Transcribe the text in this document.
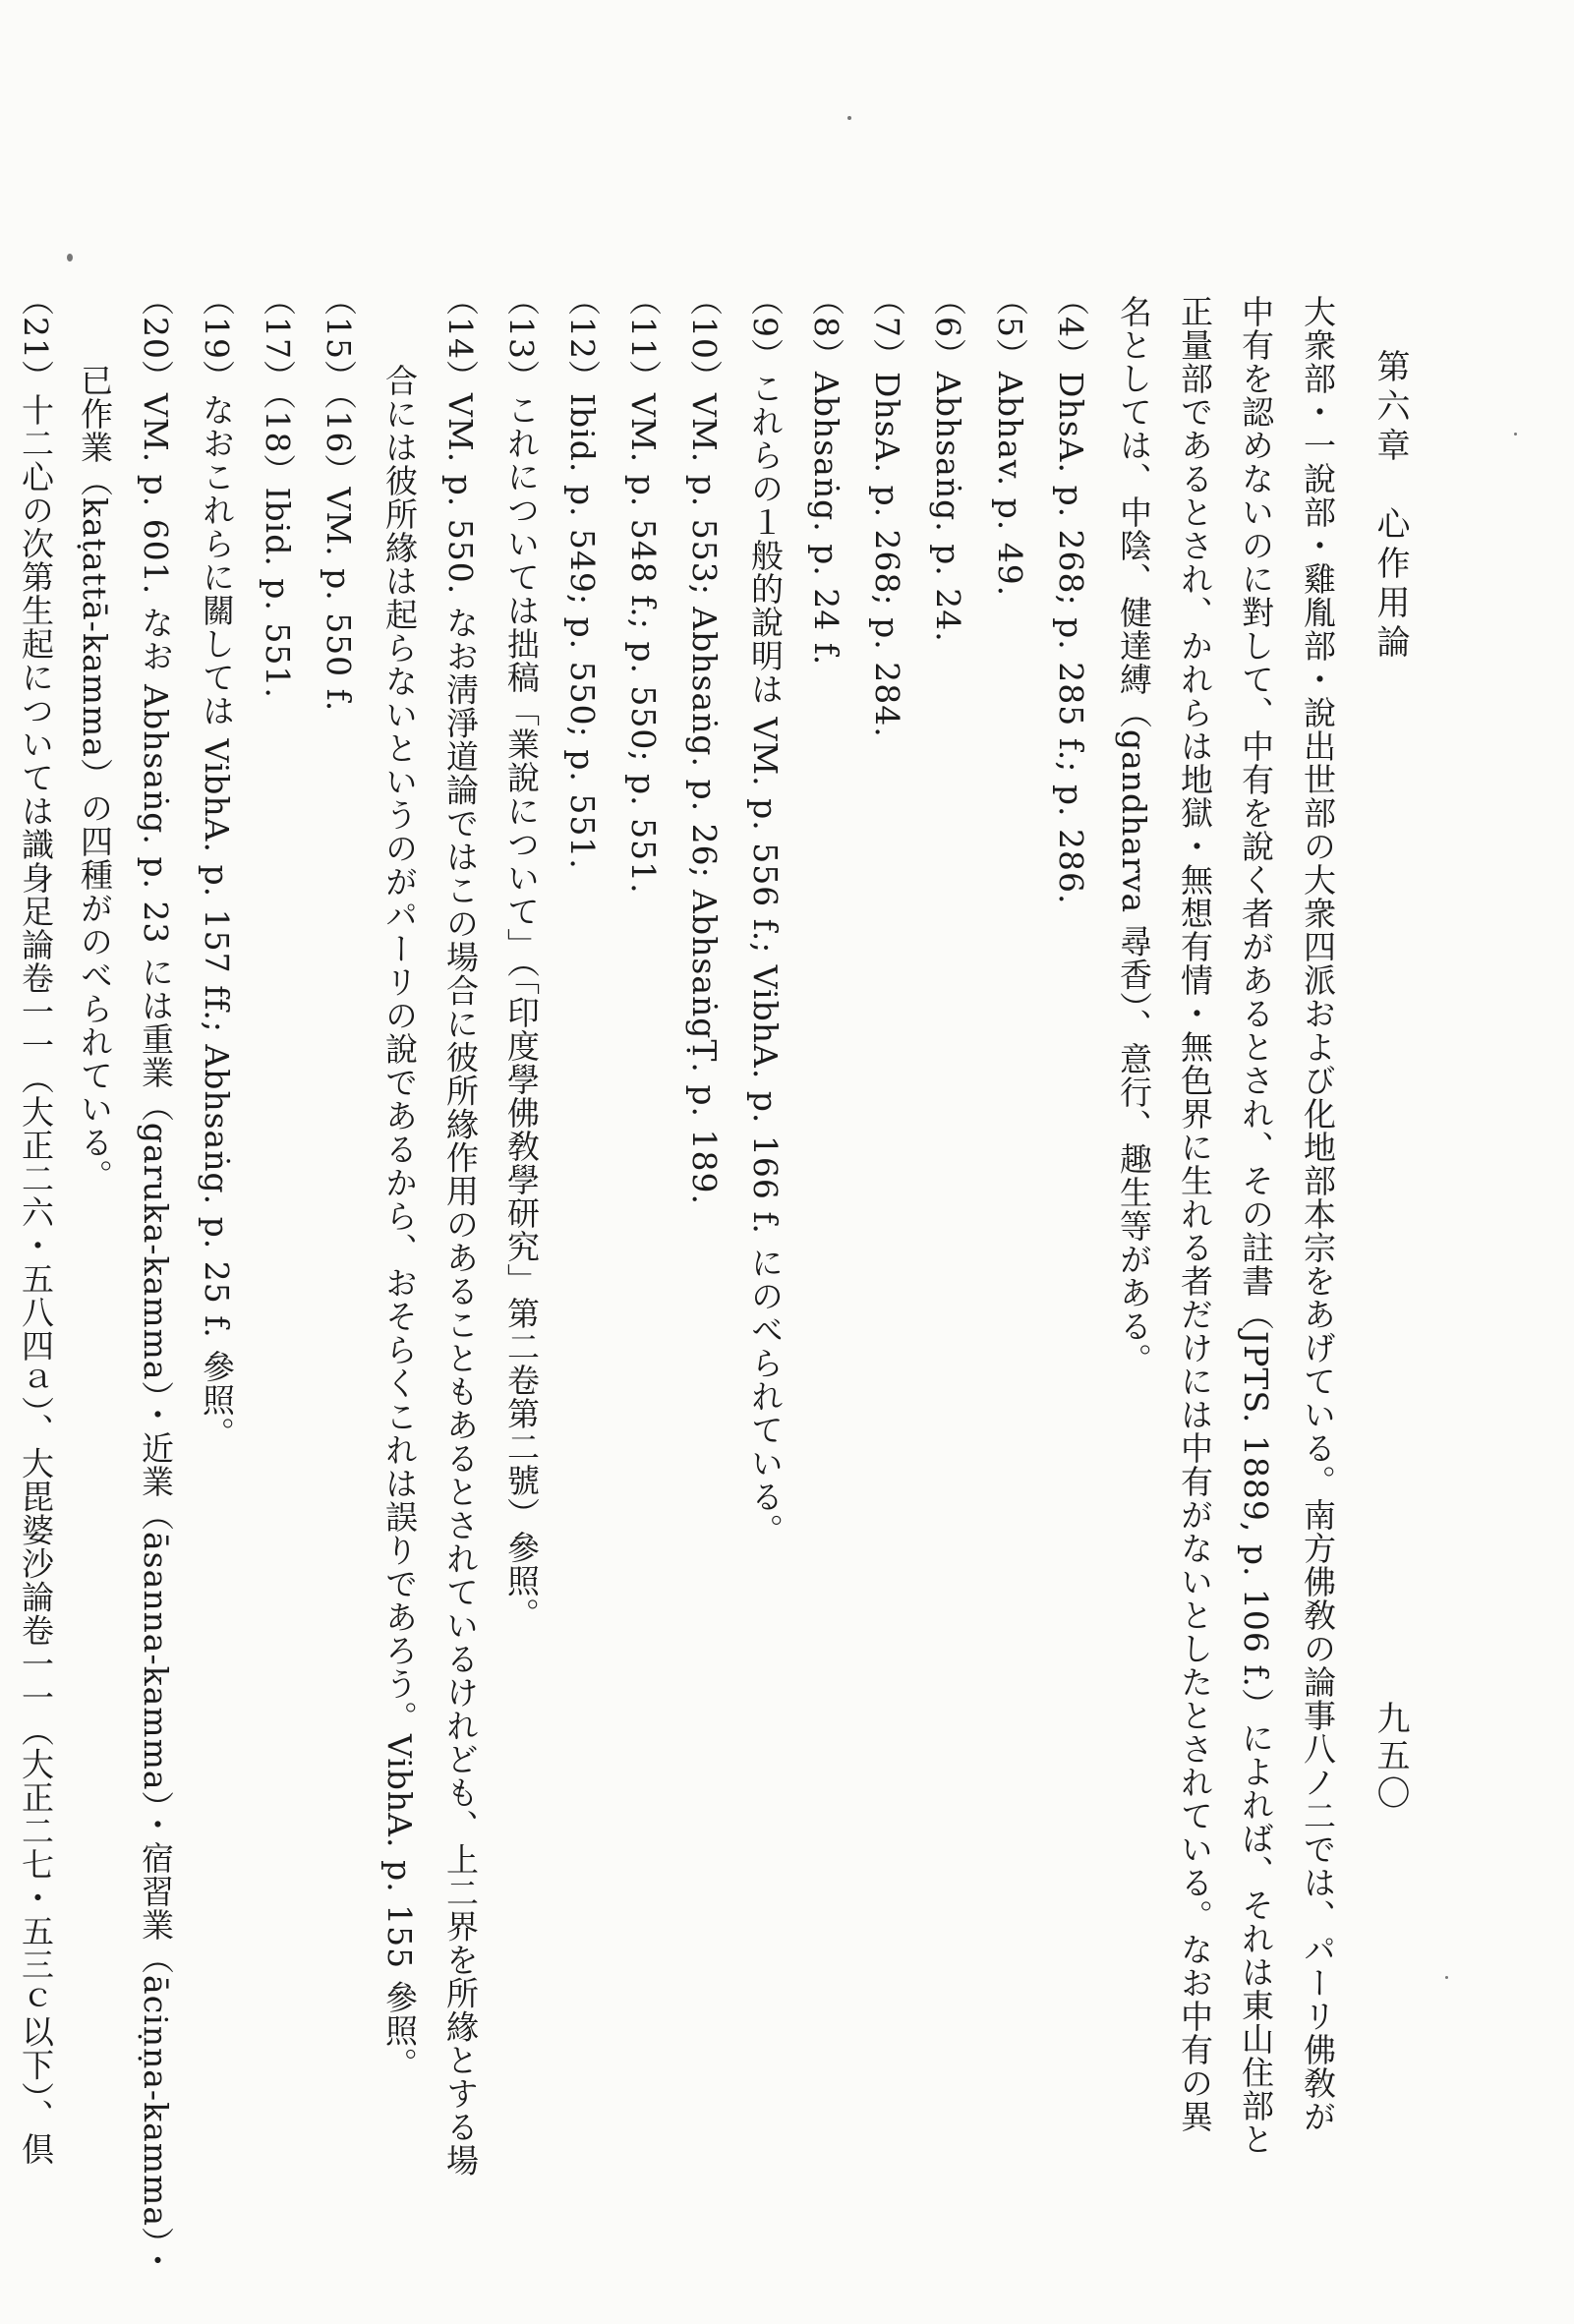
第六章　心作用論
九五〇
大衆部・一說部・雞胤部・說出世部の大衆四派および化地部本宗をあげている。南方佛敎の論事八ノ二では、パーリ佛敎が
中有を認めないのに對して、中有を說く者があるとされ、その註書（JPTS. 1889, p. 106 f.）によれば、それは東山住部と
正量部であるとされ、かれらは地獄・無想有情・無色界に生れる者だけには中有がないとしたとされている。なお中有の異
名としては、中陰、健達縛（gandharva 尋香）、意行、趣生等がある。
（4）DhsA. p. 268; p. 285 f.; p. 286.
（5）Abhav. p. 49.
（6）Abhsaṅg. p. 24.
（7）DhsA. p. 268; p. 284.
（8）Abhsaṅg. p. 24 f.
（9）これらの１般的說明は VM. p. 556 f.; VibhA. p. 166 f. にのべられている。
（10）VM. p. 553; Abhsaṅg. p. 26; AbhsaṅgṬ. p. 189.
（11）VM. p. 548 f.; p. 550; p. 551.
（12）Ibid. p. 549; p. 550; p. 551.
（13）これについては拙稿「業說について」（「印度學佛敎學研究」第二卷第二號）參照。
（14）VM. p. 550. なお淸淨道論ではこの場合に彼所緣作用のあることもあるとされているけれども、上二界を所緣とする場
合には彼所緣は起らないというのがパーリの說であるから、おそらくこれは誤りであろう。VibhA. p. 155 參照。
（15）（16）VM. p. 550 f.
（17）（18）Ibid. p. 551.
（19）なおこれらに關しては VibhA. p. 157 ff.; Abhsaṅg. p. 25 f. 參照。
（20）VM. p. 601. なお Abhsaṅg. p. 23 には重業（garuka-kamma）・近業（āsanna-kamma）・宿習業（āciṇṇa-kamma）・
已作業（kaṭattā-kamma）の四種がのべられている。
（21）十二心の次第生起については識身足論卷一一（大正二六・五八四ａ）、大毘婆沙論卷一一（大正二七・五三ｃ以下）、倶
